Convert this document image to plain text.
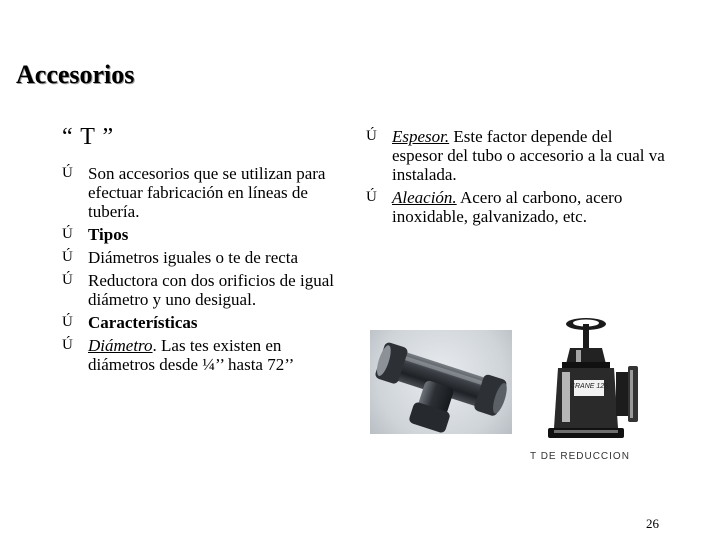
Accesorios
“ T ”
Ú Son accesorios que se utilizan para efectuar fabricación en líneas de tubería.
Ú Tipos
Ú Diámetros iguales o te de recta
Ú Reductora con dos orificios de igual diámetro y uno desigual.
Ú Características
Ú Diámetro. Las tes existen en diámetros desde ¼’’ hasta 72’’
Ú Espesor. Este factor depende del espesor del tubo o accesorio a la cual va instalada.
Ú Aleación. Acero al carbono, acero inoxidable, galvanizado, etc.
CRANE 125
T DE REDUCCION
26
